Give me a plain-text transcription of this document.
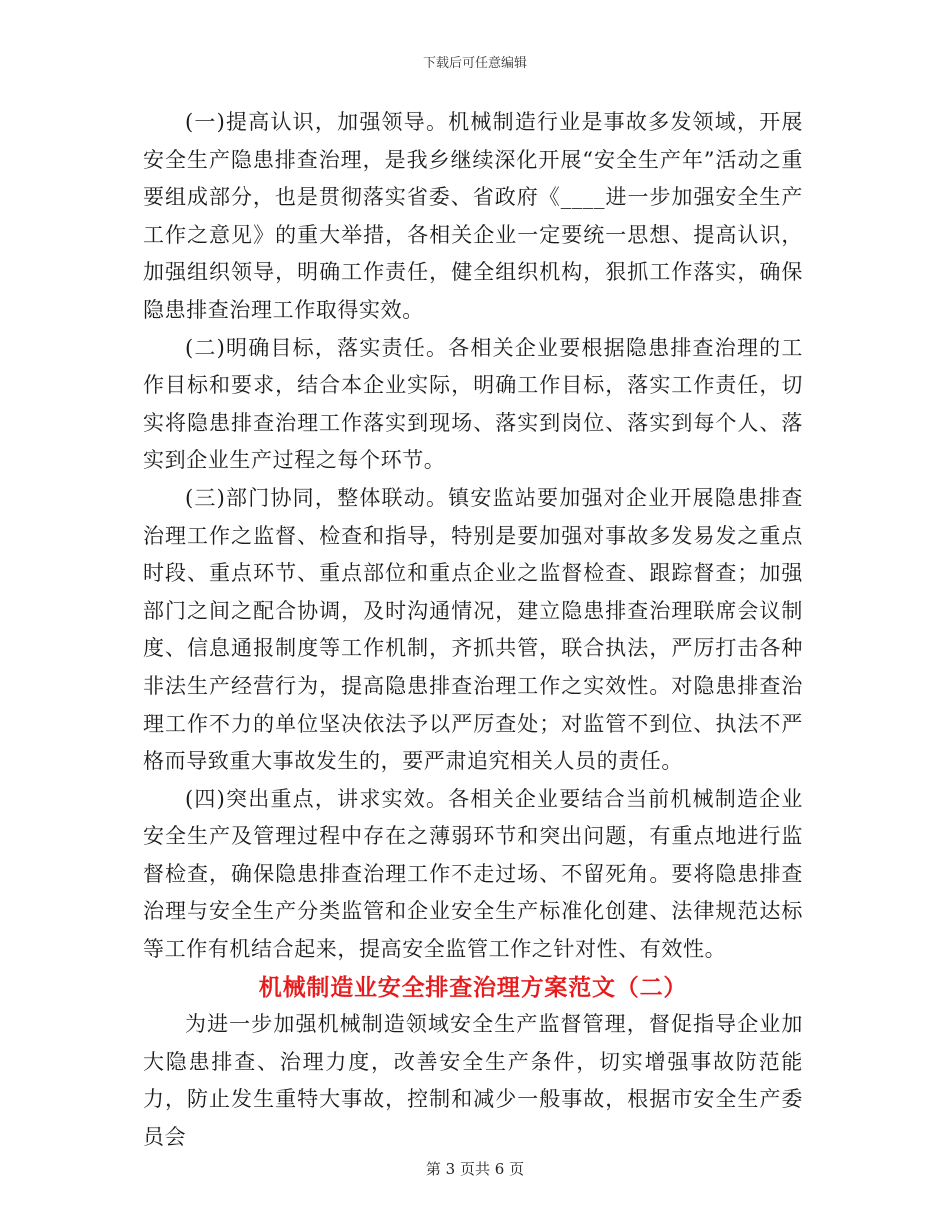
下载后可任意编辑

(一)提高认识，加强领导。机械制造行业是事故多发领域，开展安全生产隐患排查治理，是我乡继续深化开展“安全生产年”活动之重要组成部分，也是贯彻落实省委、省政府《____进一步加强安全生产工作之意见》的重大举措，各相关企业一定要统一思想、提高认识，加强组织领导，明确工作责任，健全组织机构，狠抓工作落实，确保隐患排查治理工作取得实效。

(二)明确目标，落实责任。各相关企业要根据隐患排查治理的工作目标和要求，结合本企业实际，明确工作目标，落实工作责任，切实将隐患排查治理工作落实到现场、落实到岗位、落实到每个人、落实到企业生产过程之每个环节。

(三)部门协同，整体联动。镇安监站要加强对企业开展隐患排查治理工作之监督、检查和指导，特别是要加强对事故多发易发之重点时段、重点环节、重点部位和重点企业之监督检查、跟踪督查；加强部门之间之配合协调，及时沟通情况，建立隐患排查治理联席会议制度、信息通报制度等工作机制，齐抓共管，联合执法，严厉打击各种非法生产经营行为，提高隐患排查治理工作之实效性。对隐患排查治理工作不力的单位坚决依法予以严厉查处；对监管不到位、执法不严格而导致重大事故发生的，要严肃追究相关人员的责任。

(四)突出重点，讲求实效。各相关企业要结合当前机械制造企业安全生产及管理过程中存在之薄弱环节和突出问题，有重点地进行监督检查，确保隐患排查治理工作不走过场、不留死角。要将隐患排查治理与安全生产分类监管和企业安全生产标准化创建、法律规范达标等工作有机结合起来，提高安全监管工作之针对性、有效性。

机械制造业安全排查治理方案范文（二）

为进一步加强机械制造领域安全生产监督管理，督促指导企业加大隐患排查、治理力度，改善安全生产条件，切实增强事故防范能力，防止发生重特大事故，控制和减少一般事故，根据市安全生产委员会

第 3 页共 6 页
